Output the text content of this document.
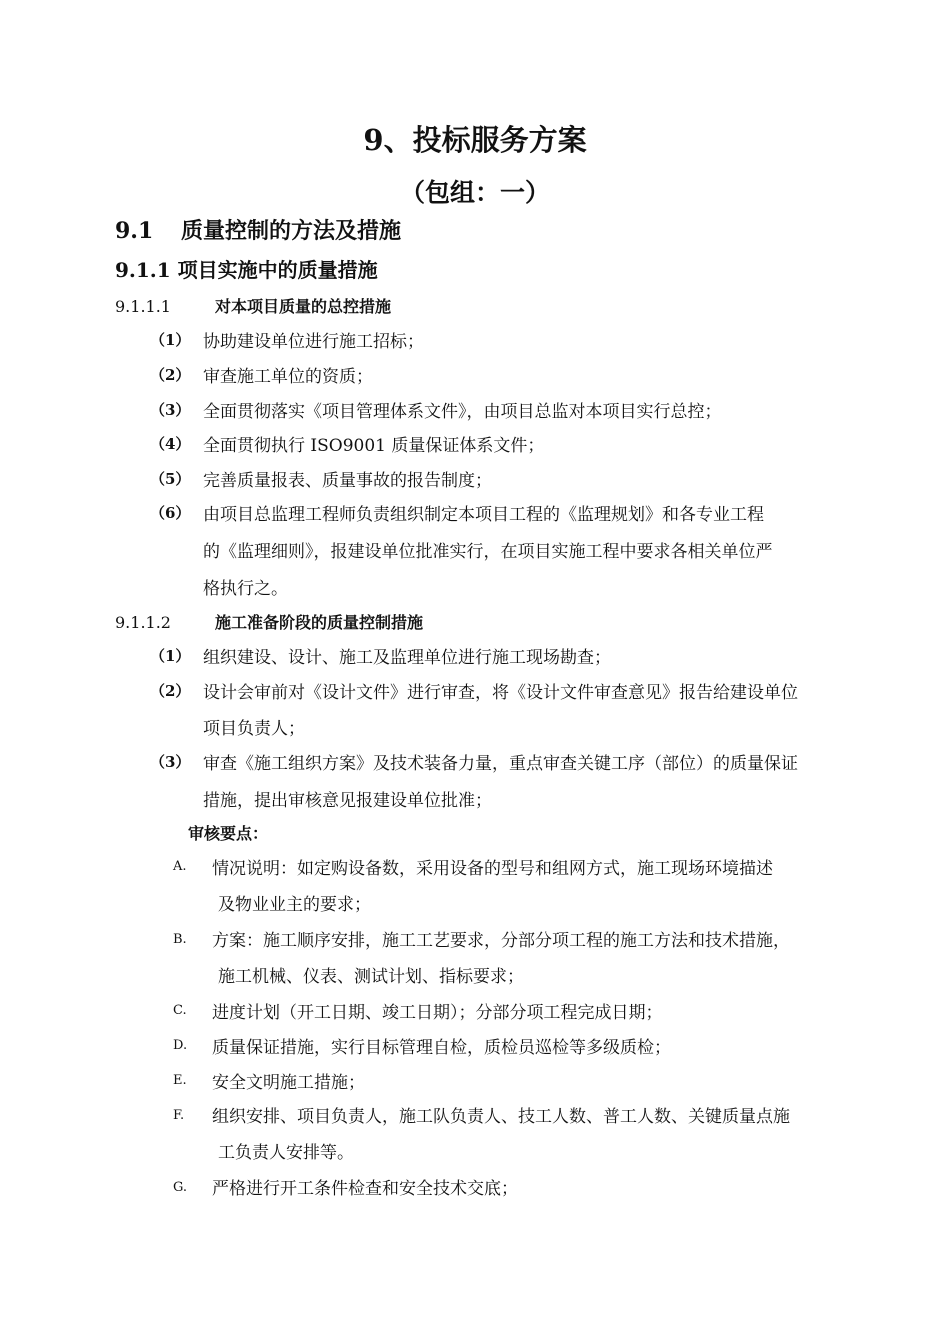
9、投标服务方案
（包组：一）
9.1 质量控制的方法及措施
9.1.1 项目实施中的质量措施
9.1.1.1	对本项目质量的总控措施
（1） 协助建设单位进行施工招标；
（2） 审查施工单位的资质；
（3） 全面贯彻落实《项目管理体系文件》，由项目总监对本项目实行总控；
（4） 全面贯彻执行 ISO9001 质量保证体系文件；
（5） 完善质量报表、质量事故的报告制度；
（6） 由项目总监理工程师负责组织制定本项目工程的《监理规划》和各专业工程
的《监理细则》，报建设单位批准实行，在项目实施工程中要求各相关单位严
格执行之。
9.1.1.2	施工准备阶段的质量控制措施
（1） 组织建设、设计、施工及监理单位进行施工现场勘查；
（2） 设计会审前对《设计文件》进行审查，将《设计文件审查意见》报告给建设单位
项目负责人；
（3） 审查《施工组织方案》及技术装备力量，重点审查关键工序（部位）的质量保证
措施，提出审核意见报建设单位批准；
审核要点：
A. 情况说明：如定购设备数，采用设备的型号和组网方式，施工现场环境描述
及物业业主的要求；
B. 方案：施工顺序安排，施工工艺要求，分部分项工程的施工方法和技术措施，
施工机械、仪表、测试计划、指标要求；
C. 进度计划（开工日期、竣工日期）；分部分项工程完成日期；
D. 质量保证措施，实行目标管理自检，质检员巡检等多级质检；
E. 安全文明施工措施；
F. 组织安排、项目负责人，施工队负责人、技工人数、普工人数、关键质量点施
工负责人安排等。
G. 严格进行开工条件检查和安全技术交底；
